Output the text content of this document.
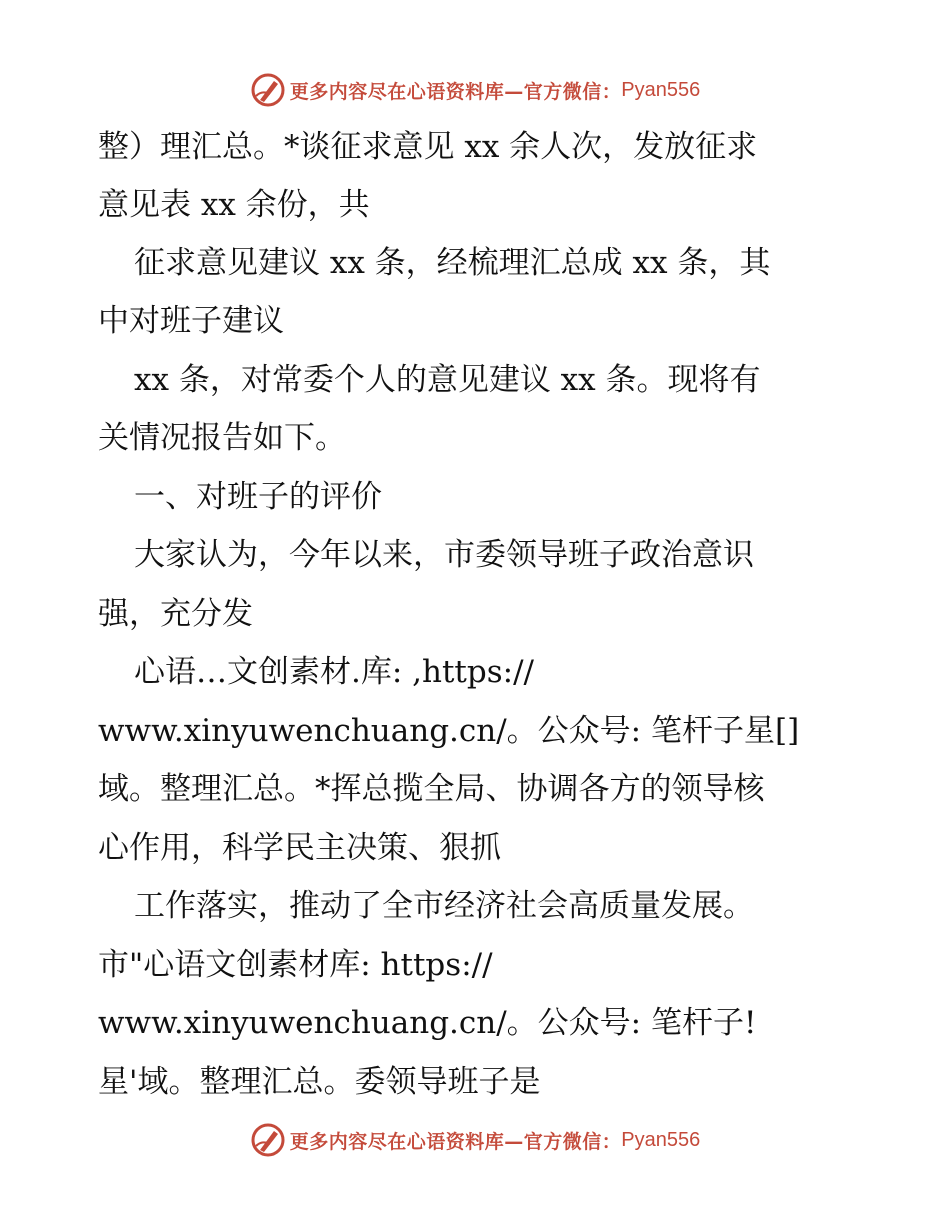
更多内容尽在心语资料库—官方微信： Pyan556
整）理汇总。*谈征求意见 xx 余人次，发放征求
意见表 xx 余份，共
征求意见建议 xx 条，经梳理汇总成 xx 条，其
中对班子建议
xx 条，对常委个人的意见建议 xx 条。现将有
关情况报告如下。
一、对班子的评价
大家认为，今年以来，市委领导班子政治意识
强，充分发
心语…文创素材.库: ,https://
www.xinyuwenchuang.cn/。公众号: 笔杆子星[]
域。整理汇总。*挥总揽全局、协调各方的领导核
心作用，科学民主决策、狠抓
工作落实，推动了全市经济社会高质量发展。
市"心语文创素材库: https://
www.xinyuwenchuang.cn/。公众号: 笔杆子!
星'域。整理汇总。委领导班子是
更多内容尽在心语资料库—官方微信： Pyan556
